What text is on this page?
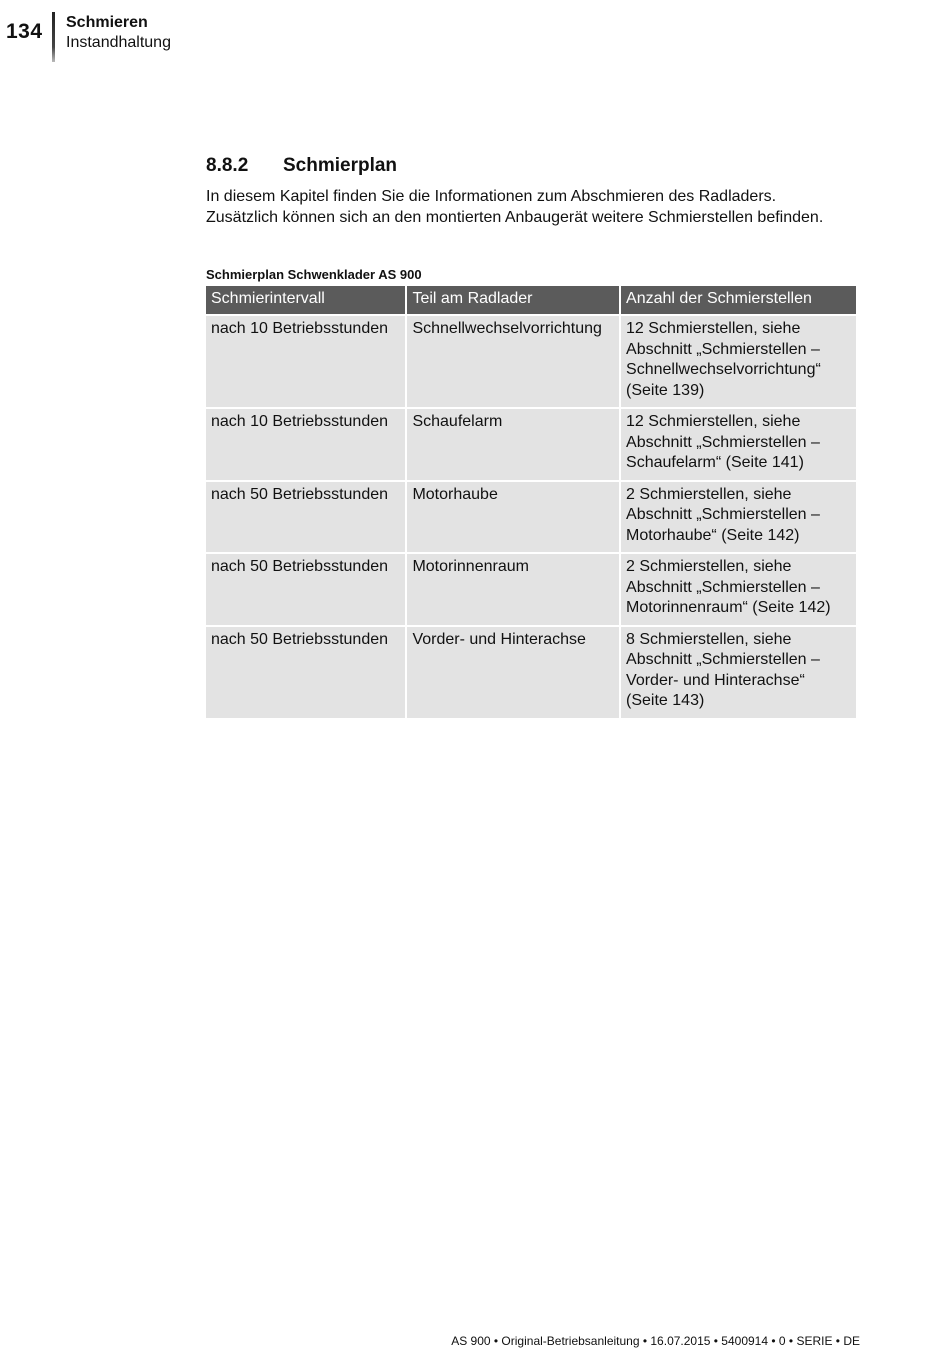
134 Schmieren
Instandhaltung
8.8.2 Schmierplan
In diesem Kapitel finden Sie die Informationen zum Abschmieren des Radladers. Zusätzlich können sich an den montierten Anbaugerät weitere Schmierstellen befinden.
Schmierplan Schwenklader AS 900
Schmierintervall	Teil am Radlader	Anzahl der Schmierstellen
nach 10 Betriebsstunden	Schnellwechselvorrichtung	12 Schmierstellen, siehe Abschnitt „Schmierstellen – Schnellwechselvorrichtung“ (Seite 139)
nach 10 Betriebsstunden	Schaufelarm	12 Schmierstellen, siehe Abschnitt „Schmierstellen – Schaufelarm“ (Seite 141)
nach 50 Betriebsstunden	Motorhaube	2 Schmierstellen, siehe Abschnitt „Schmierstellen – Motorhaube“ (Seite 142)
nach 50 Betriebsstunden	Motorinnenraum	2 Schmierstellen, siehe Abschnitt „Schmierstellen – Motorinnenraum“ (Seite 142)
nach 50 Betriebsstunden	Vorder- und Hinterachse	8 Schmierstellen, siehe Abschnitt „Schmierstellen – Vorder- und Hinterachse“ (Seite 143)
AS 900 • Original-Betriebsanleitung • 16.07.2015 • 5400914 • 0 • SERIE • DE
